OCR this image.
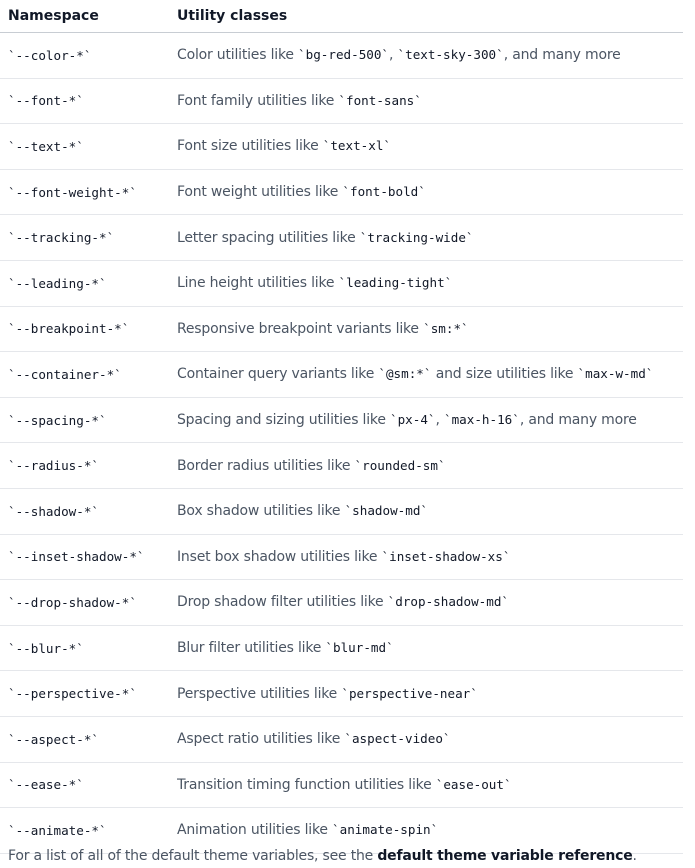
Namespace	Utility classes
`--color-*`	Color utilities like `bg-red-500`, `text-sky-300`, and many more
`--font-*`	Font family utilities like `font-sans`
`--text-*`	Font size utilities like `text-xl`
`--font-weight-*`	Font weight utilities like `font-bold`
`--tracking-*`	Letter spacing utilities like `tracking-wide`
`--leading-*`	Line height utilities like `leading-tight`
`--breakpoint-*`	Responsive breakpoint variants like `sm:*`
`--container-*`	Container query variants like `@sm:*` and size utilities like `max-w-md`
`--spacing-*`	Spacing and sizing utilities like `px-4`, `max-h-16`, and many more
`--radius-*`	Border radius utilities like `rounded-sm`
`--shadow-*`	Box shadow utilities like `shadow-md`
`--inset-shadow-*`	Inset box shadow utilities like `inset-shadow-xs`
`--drop-shadow-*`	Drop shadow filter utilities like `drop-shadow-md`
`--blur-*`	Blur filter utilities like `blur-md`
`--perspective-*`	Perspective utilities like `perspective-near`
`--aspect-*`	Aspect ratio utilities like `aspect-video`
`--ease-*`	Transition timing function utilities like `ease-out`
`--animate-*`	Animation utilities like `animate-spin`

For a list of all of the default theme variables, see the default theme variable reference.
